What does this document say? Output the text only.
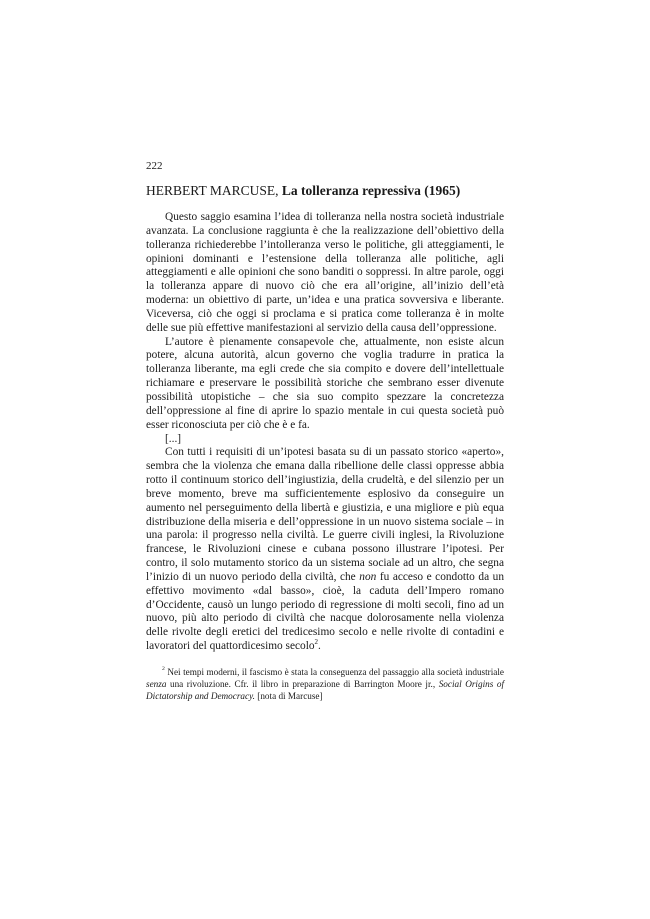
222
HERBERT MARCUSE, La tolleranza repressiva (1965)

Questo saggio esamina l’idea di tolleranza nella nostra società industriale avanzata. La conclusione raggiunta è che la realizzazione dell’obiettivo della tolleranza richiederebbe l’intolleranza verso le politiche, gli atteggiamenti, le opinioni dominanti e l’estensione della tolleranza alle politiche, agli atteggiamenti e alle opinioni che sono banditi o soppressi. In altre parole, oggi la tolleranza appare di nuovo ciò che era all’origine, all’inizio dell’età moderna: un obiettivo di parte, un’idea e una pratica sovversiva e liberante. Viceversa, ciò che oggi si proclama e si pratica come tolleranza è in molte delle sue più effettive manifestazioni al servizio della causa dell’oppressione.

L’autore è pienamente consapevole che, attualmente, non esiste alcun potere, alcuna autorità, alcun governo che voglia tradurre in pratica la tolleranza liberante, ma egli crede che sia compito e dovere dell’intellettuale richiamare e preservare le possibilità storiche che sembrano esser divenute possibilità utopistiche – che sia suo compito spezzare la concretezza dell’oppressione al fine di aprire lo spazio mentale in cui questa società può esser riconosciuta per ciò che è e fa.

[...]

Con tutti i requisiti di un’ipotesi basata su di un passato storico «aperto», sembra che la violenza che emana dalla ribellione delle classi oppresse abbia rotto il continuum storico dell’ingiustizia, della crudeltà, e del silenzio per un breve momento, breve ma sufficientemente esplosivo da conseguire un aumento nel perseguimento della libertà e giustizia, e una migliore e più equa distribuzione della miseria e dell’oppressione in un nuovo sistema sociale – in una parola: il progresso nella civiltà. Le guerre civili inglesi, la Rivoluzione francese, le Rivoluzioni cinese e cubana possono illustrare l’ipotesi. Per contro, il solo mutamento storico da un sistema sociale ad un altro, che segna l’inizio di un nuovo periodo della civiltà, che non fu acceso e condotto da un effettivo movimento «dal basso», cioè, la caduta dell’Impero romano d’Occidente, causò un lungo periodo di regressione di molti secoli, fino ad un nuovo, più alto periodo di civiltà che nacque dolorosamente nella violenza delle rivolte degli eretici del tredicesimo secolo e nelle rivolte di contadini e lavoratori del quattordicesimo secolo$^2$.

$^2$ Nei tempi moderni, il fascismo è stata la conseguenza del passaggio alla società industriale senza una rivoluzione. Cfr. il libro in preparazione di Barrington Moore jr., Social Origins of Dictatorship and Democracy. [nota di Marcuse]
